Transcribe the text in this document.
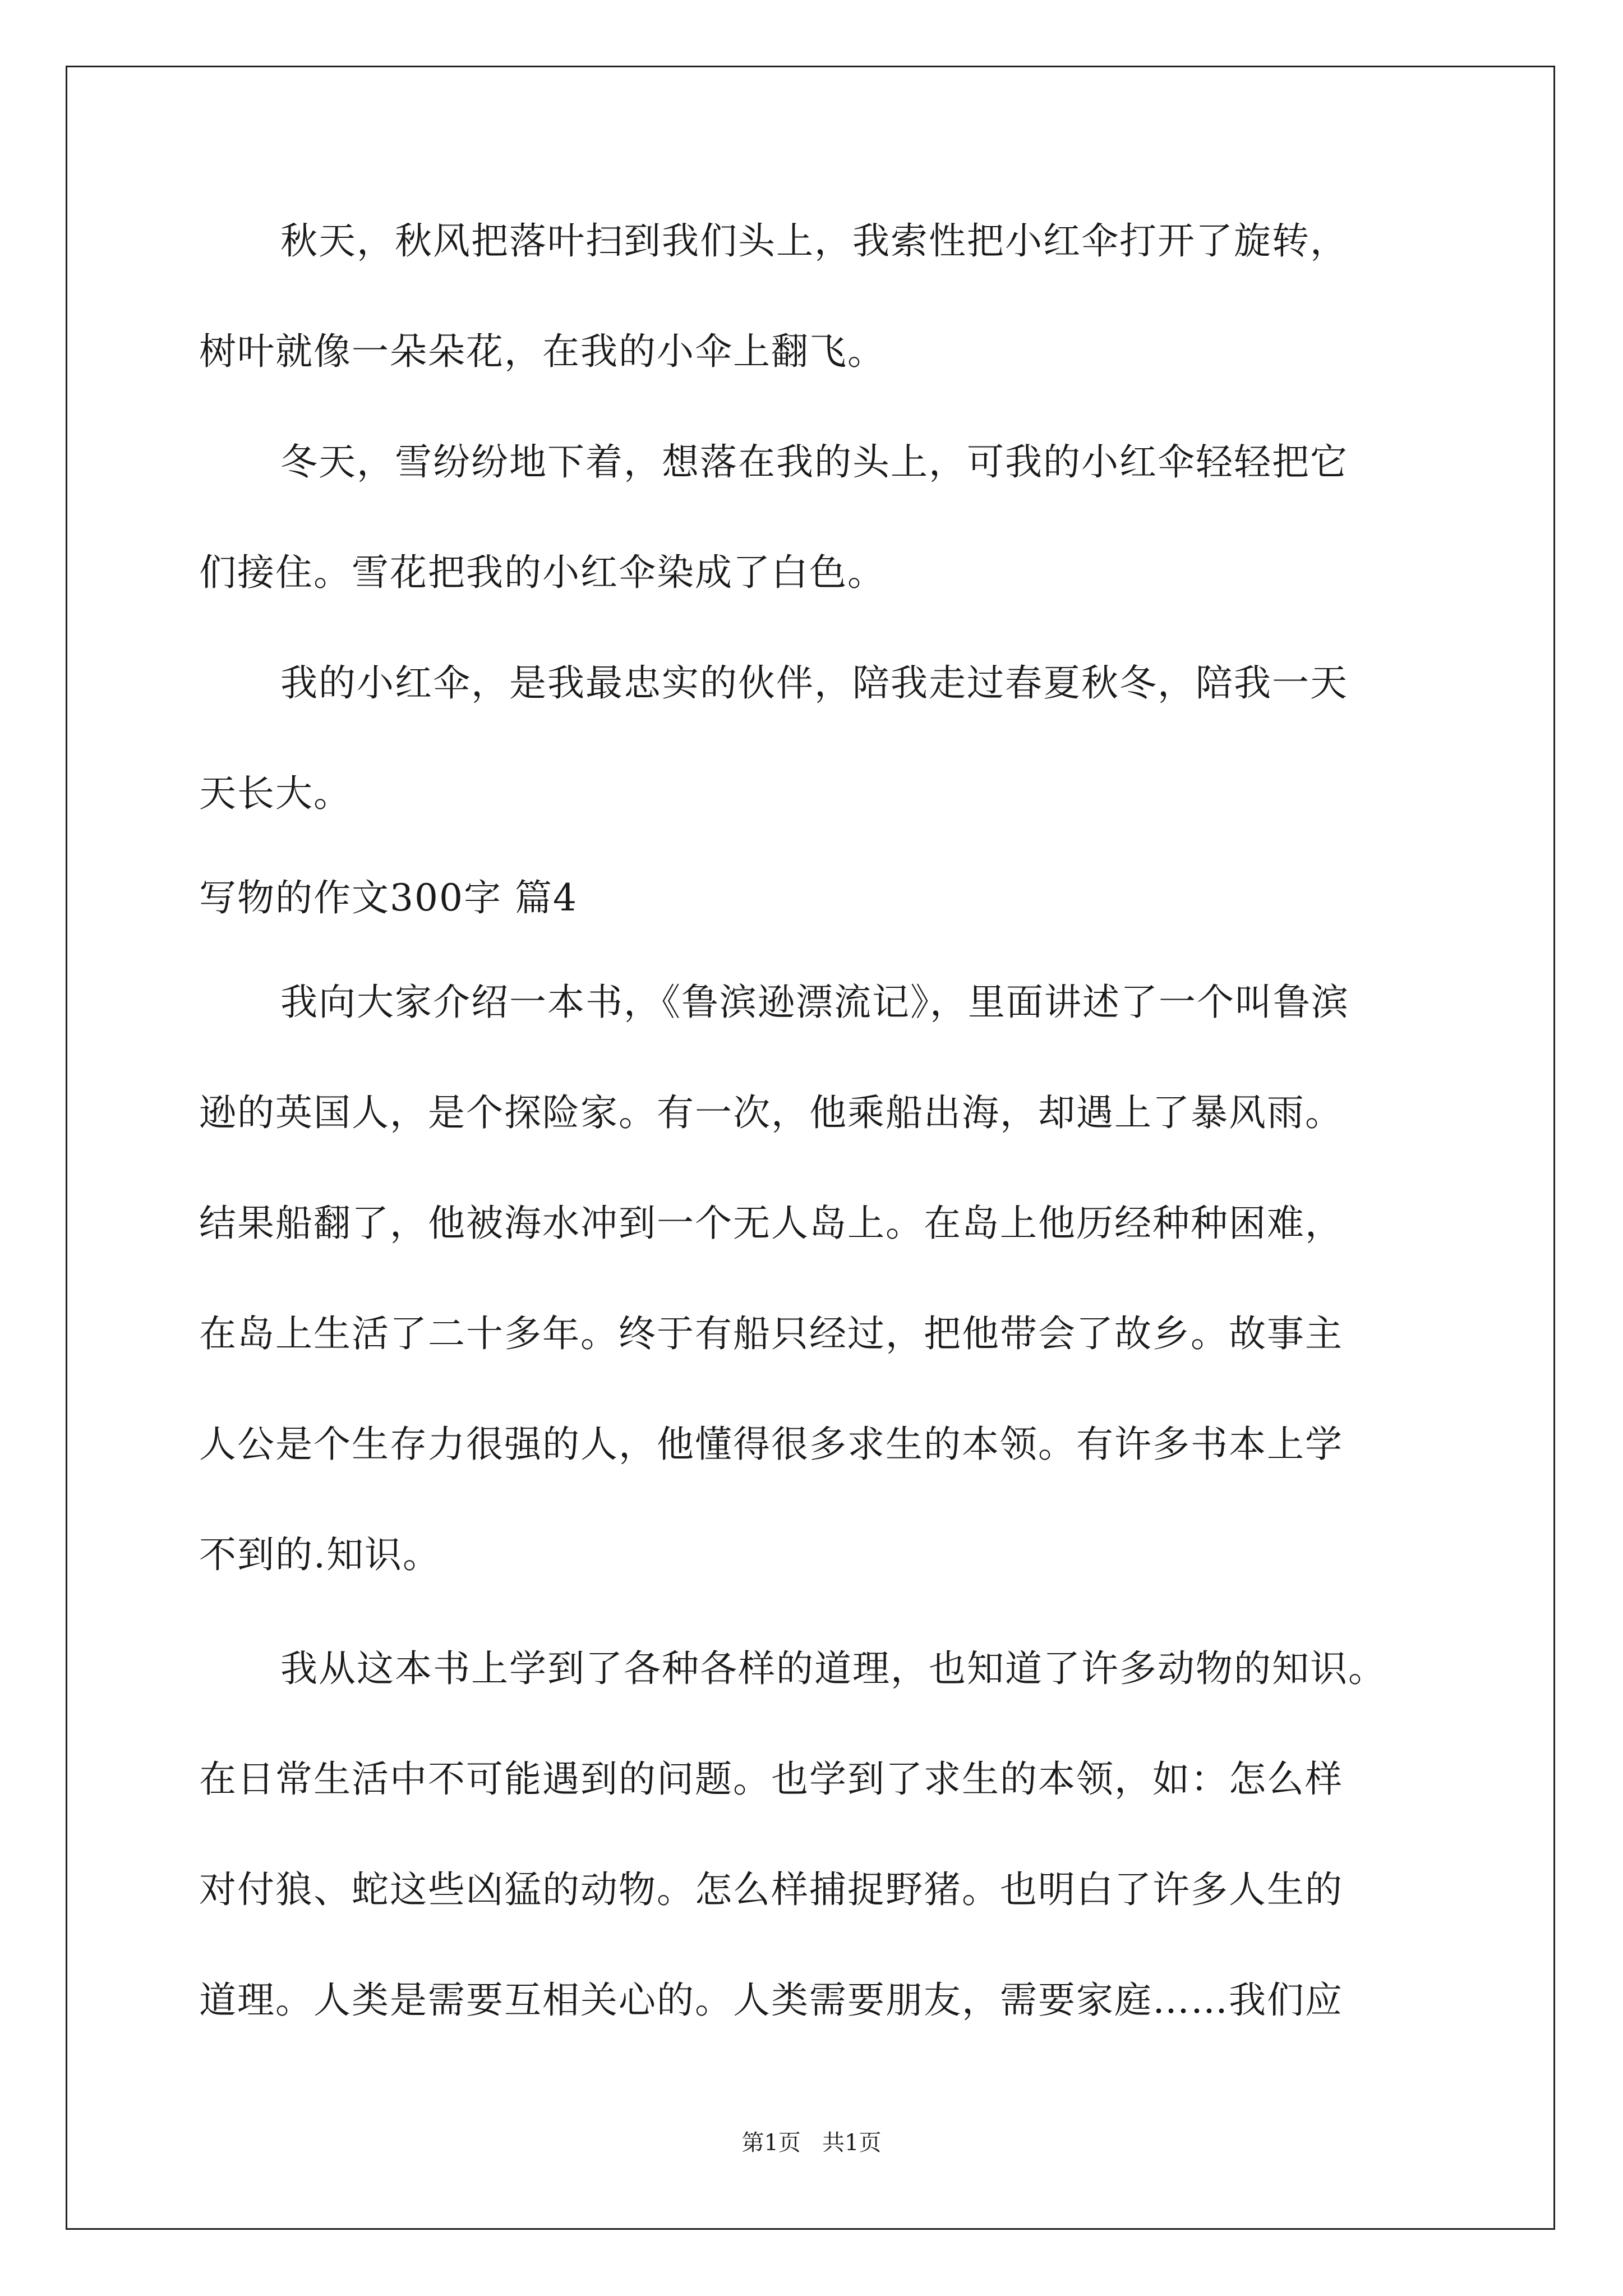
秋天，秋风把落叶扫到我们头上，我索性把小红伞打开了旋转，
树叶就像一朵朵花，在我的小伞上翻飞。
冬天，雪纷纷地下着，想落在我的头上，可我的小红伞轻轻把它
们接住。雪花把我的小红伞染成了白色。
我的小红伞，是我最忠实的伙伴，陪我走过春夏秋冬，陪我一天
天长大。
写物的作文300字 篇4
我向大家介绍一本书，《鲁滨逊漂流记》，里面讲述了一个叫鲁滨
逊的英国人，是个探险家。有一次，他乘船出海，却遇上了暴风雨。
结果船翻了，他被海水冲到一个无人岛上。在岛上他历经种种困难，
在岛上生活了二十多年。终于有船只经过，把他带会了故乡。故事主
人公是个生存力很强的人，他懂得很多求生的本领。有许多书本上学
不到的.知识。
我从这本书上学到了各种各样的道理，也知道了许多动物的知识。
在日常生活中不可能遇到的问题。也学到了求生的本领，如：怎么样
对付狼、蛇这些凶猛的动物。怎么样捕捉野猪。也明白了许多人生的
道理。人类是需要互相关心的。人类需要朋友，需要家庭……我们应
第1页   共1页
